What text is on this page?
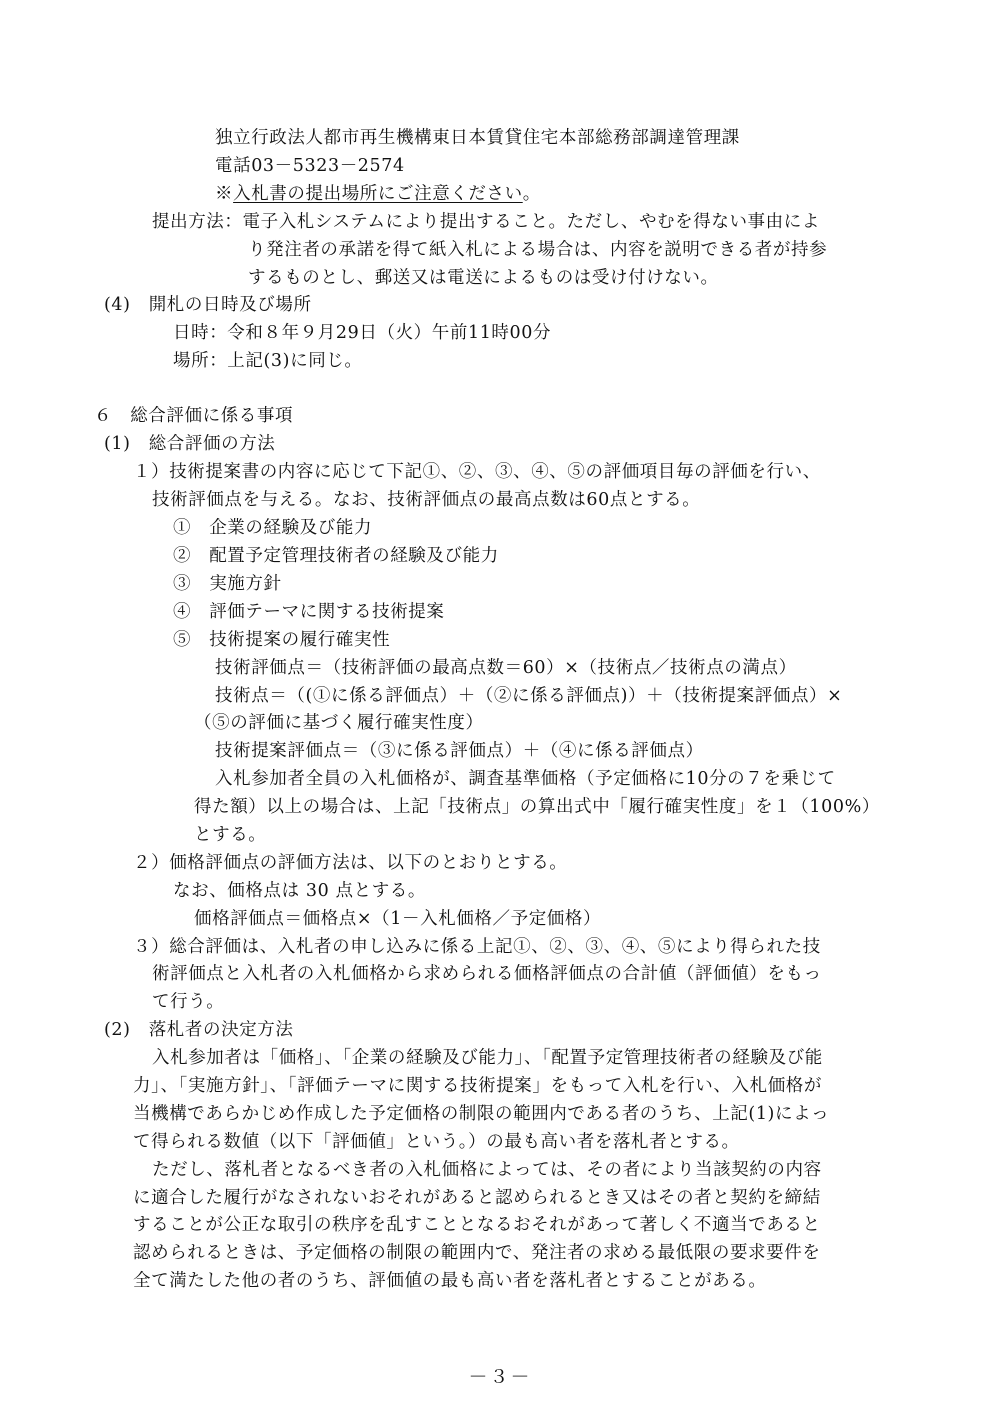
独立行政法人都市再生機構東日本賃貸住宅本部総務部調達管理課
電話03－5323－2574
※入札書の提出場所にご注意ください。
提出方法：電子入札システムにより提出すること。ただし、やむを得ない事由によ
り発注者の承諾を得て紙入札による場合は、内容を説明できる者が持参
するものとし、郵送又は電送によるものは受け付けない。
(4)　開札の日時及び場所
日時：令和８年９月29日（火）午前11時00分
場所：上記(3)に同じ。
６　総合評価に係る事項
(1)　総合評価の方法
１）技術提案書の内容に応じて下記①、②、③、④、⑤の評価項目毎の評価を行い、
技術評価点を与える。なお、技術評価点の最高点数は60点とする。
①　企業の経験及び能力
②　配置予定管理技術者の経験及び能力
③　実施方針
④　評価テーマに関する技術提案
⑤　技術提案の履行確実性
技術評価点＝（技術評価の最高点数＝60）×（技術点／技術点の満点）
技術点＝（(①に係る評価点）＋（②に係る評価点)）＋（技術提案評価点）×
（⑤の評価に基づく履行確実性度）
技術提案評価点＝（③に係る評価点）＋（④に係る評価点）
入札参加者全員の入札価格が、調査基準価格（予定価格に10分の７を乗じて
得た額）以上の場合は、上記「技術点」の算出式中「履行確実性度」を１（100%）
とする。
２）価格評価点の評価方法は、以下のとおりとする。
なお、価格点は 30 点とする。
価格評価点＝価格点×（1－入札価格／予定価格）
３）総合評価は、入札者の申し込みに係る上記①、②、③、④、⑤により得られた技
術評価点と入札者の入札価格から求められる価格評価点の合計値（評価値）をもっ
て行う。
(2)　落札者の決定方法
入札参加者は「価格」、「企業の経験及び能力」、「配置予定管理技術者の経験及び能
力」、「実施方針」、「評価テーマに関する技術提案」をもって入札を行い、入札価格が
当機構であらかじめ作成した予定価格の制限の範囲内である者のうち、上記(1)によっ
て得られる数値（以下「評価値」という。）の最も高い者を落札者とする。
ただし、落札者となるべき者の入札価格によっては、その者により当該契約の内容
に適合した履行がなされないおそれがあると認められるとき又はその者と契約を締結
することが公正な取引の秩序を乱すこととなるおそれがあって著しく不適当であると
認められるときは、予定価格の制限の範囲内で、発注者の求める最低限の要求要件を
全て満たした他の者のうち、評価値の最も高い者を落札者とすることがある。
－３－
